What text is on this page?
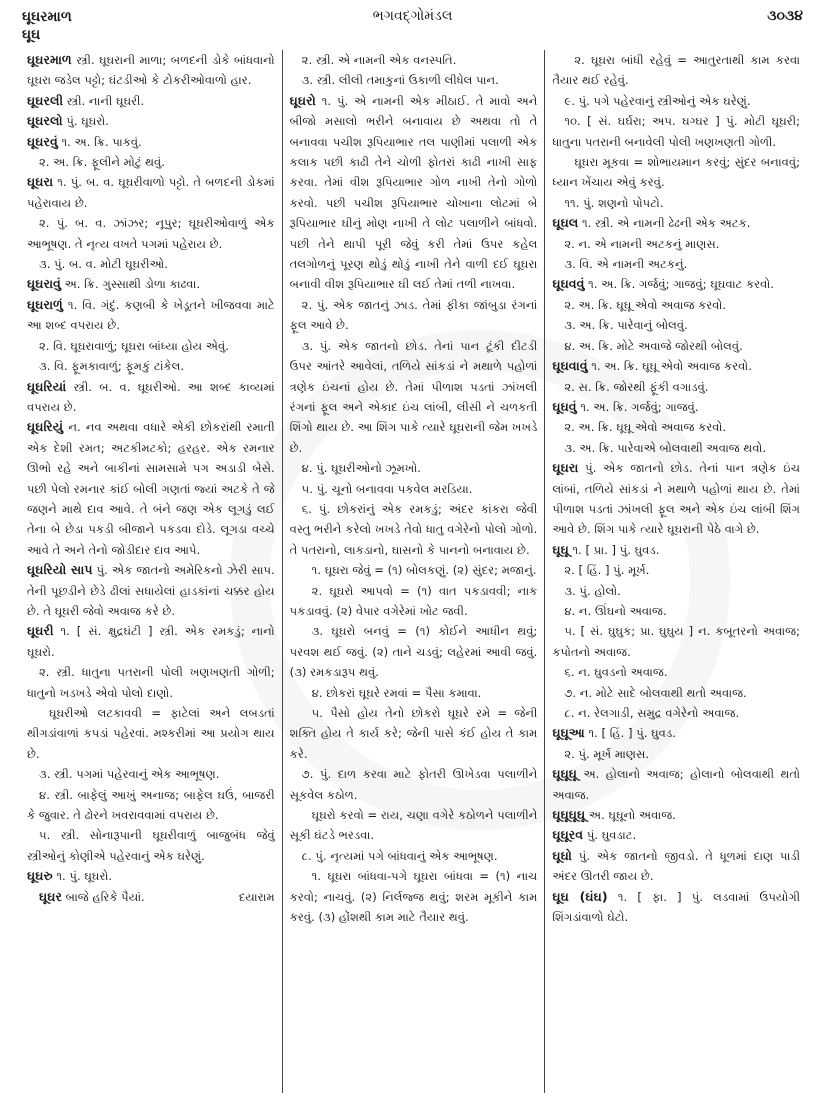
ઘૂઘરમાળ
ઘૂઘ
ભગવદ્ગોમંડલ	૩૦૩૪

ઘૂઘરમાળ સ્ત્રી. ઘૂઘરાની માળા; બળદની ડોકે બાંધવાનો ઘૂઘરા જડેલ પટ્ટો; ઘંટડીઓ કે ટોકરીઓવાળો હાર.

ઘૂઘરલી સ્ત્રી. નાની ઘૂઘરી.

ઘૂઘરલો પું. ઘૂઘરો.

ઘૂઘરવું ૧. અ. ક્રિ. પાકવું.

૨. અ. ક્રિ. ફૂલીને મોટું થવું.

ઘૂઘરા ૧. પું. બ. વ. ઘૂઘરીવાળો પટ્ટો. તે બળદની ડોકમાં પહેરાવાય છે.

૨. પું. બ. વ. ઝાંઝર; નૂપુર; ઘૂઘરીઓવાળું એક આભૂષણ. તે નૃત્ય વખતે પગમાં પહેરાય છે.

૩. પું. બ. વ. મોટી ઘૂઘરીઓ.

ઘૂઘરાવું અ. ક્રિ. ગુસ્સાથી ડોળા કાઢવા.

ઘૂઘરાળું ૧. વિ. ગંદું. કણબી કે ખેડૂતને ખીજવવા માટે આ શબ્દ વપરાય છે.

૨. વિ. ઘૂઘરાવાળું; ઘૂઘરા બાંધ્યા હોય એવું.

૩. વિ. ફૂમકાવાળું; ફૂમકું ટાંકેલ.

ઘૂઘરિયાં સ્ત્રી. બ. વ. ઘૂઘરીઓ. આ શબ્દ કાવ્યમાં વપરાય છે.

ઘૂઘરિયું ન. નવ અથવા વધારે એકી છોકરાંથી રમાતી એક દેશી રમત; અટકીમટકો; હરહર. એક રમનાર ઊભો રહે અને બાકીનાં સામસામે પગ અડાડી બેસે. પછી પેલો રમનાર કાંઈ બોલી ગણતાં જ્યાં અટકે તે જે જણને માથે દાવ આવે. તે બંને જણ એક લૂગડું લઈ તેના બે છેડા પકડી બીજાને પકડવા દોડે. લૂગડા વચ્ચે આવે તે અને તેનો જોડીદાર દાવ આપે.

ઘૂઘરિયો સાપ પું. એક જાતનો અમેરિકનો ઝેરી સાપ. તેની પૂછડીને છેડે ઢીલાં સધાયેલાં હાડકાંનાં ચક્કર હોય છે. તે ઘૂઘરી જેવો અવાજ કરે છે.

ઘૂઘરી ૧. [ સં. ક્ષુદ્રઘંટી ] સ્ત્રી. એક રમકડું; નાનો ઘૂઘરો.

૨. સ્ત્રી. ધાતુના પતરાની પોલી ખણખણતી ગોળી; ધાતુનો ખડખડે એવો પોલો દાણો.

ઘૂઘરીઓ લટકાવવી = ફાટેલાં અને લબડતાં થીગડાંવાળાં કપડાં પહેરવાં. મશ્કરીમાં આ પ્રયોગ થાય છે.

૩. સ્ત્રી. પગમાં પહેરવાનું એક આભૂષણ.

૪. સ્ત્રી. બાફેલું આખું અનાજ; બાફેલ ઘઉં, બાજરી કે જુવાર. તે ઢોરને ખવરાવવામાં વપરાય છે.

૫. સ્ત્રી. સોનારૂપાની ઘૂઘરીવાળું બાજુબંધ જેવું સ્ત્રીઓનું કોણીએ પહેરવાનું એક ઘરેણું.

ઘૂઘરુ ૧. પું. ઘૂઘરો.

ઘૂઘર બાજે હરિકે પૈયાં.	દયારામ

૨. સ્ત્રી. એ નામની એક વનસ્પતિ.

૩. સ્ત્રી. લીલી તમાકુનાં ઉકાળી લીધેલ પાન.

ઘૂઘરો ૧. પું. એ નામની એક મીઠાઈ. તે માવો અને બીજો મસાલો ભરીને બનાવાય છે અથવા તો તે બનાવવા પચીશ રૂપિયાભાર તલ પાણીમાં પલાળી એક કલાક પછી કાઢી તેને ચોળી ફોતરાં કાઢી નાખી સાફ કરવા. તેમાં વીશ રૂપિયાભાર ગોળ નાખી તેનો ગોળો કરવો. પછી પચીશ રૂપિયાભાર ચોખાના લોટમાં બે રૂપિયાભાર ઘીનું મોણ નાખી તે લોટ પલાળીને બાંધવો. પછી તેને થાપી પૂરી જેવું કરી તેમાં ઉપર કહેલ તલગોળનું પૂરણ થોડું થોડું નાખી તેને વાળી દઈ ઘૂઘરા બનાવી વીશ રૂપિયાભાર ઘી લઈ તેમાં તળી નાખવા.

૨. પું. એક જાતનું ઝાડ. તેમાં ફીકા જાંબુડા રંગનાં ફૂલ આવે છે.

૩. પું. એક જાતનો છોડ. તેનાં પાન ટૂંકી દીટડી ઉપર આંતરે આવેલાં, તળિયે સાંકડાં ને મથાળે પહોળાં ત્રણેક ઇંચનાં હોય છે. તેમાં પીળાશ પડતાં ઝાંખલી રંગનાં ફૂલ અને એકાદ ઇંચ લાંબી, લીસી ને ચળકતી શિંગો થાય છે. આ શિંગ પાકે ત્યારે ઘૂઘરાની જેમ ખખડે છે.

૪. પું. ઘૂઘરીઓનો ઝૂમખો.

૫. પું. ચૂનો બનાવવા પકવેલ મરડિયા.

૬. પું. છોકરાંનું એક રમકડું; અંદર કાંકરા જેવી વસ્તુ ભરીને કરેલો ખખડે તેવો ધાતુ વગેરેનો પોલો ગોળો. તે પતરાનો, લાકડાનો, ઘાસનો કે પાનનો બનાવાય છે.

૧. ઘૂઘરા જેવું = (૧) બોલકણું. (૨) સુંદર; મજાનું.

૨. ઘૂઘરો આપવો = (૧) વાત પકડાવવી; નાક પકડાવવું. (૨) વેપાર વગેરેમાં ખોટ જવી.

૩. ઘૂઘરો બનવું = (૧) કોઈને આધીન થવું; પરવશ થઈ જવું. (૨) તાને ચડવું; લહેરમાં આવી જવું. (૩) રમકડારૂપ થવું.

૪. છોકરાં ઘૂઘરે રમવાં = પૈસા કમાવા.

૫. પૈસો હોય તેનો છોકરો ઘૂઘરે રમે = જેની શક્તિ હોય તે કાર્ય કરે; જેની પાસે કંઈ હોય તે કામ કરે.

૭. પું. દાળ કરવા માટે ફોતરી ઊખેડવા પલાળીને સૂકવેલ કઠોળ.

ઘૂઘરો કરવો = રાય, ચણા વગેરે કઠોળને પલાળીને સૂકી ઘંટડે ભરડવા.

૮. પું. નૃત્યમાં પગે બાંધવાનું એક આભૂષણ.

૧. ઘૂઘરા બાંધવા-પગે ઘૂઘરા બાંધવા = (૧) નાચ કરવો; નાચવું. (૨) નિર્લજ્જ થવું; શરમ મૂકીને કામ કરવું. (૩) હોંશથી કામ માટે તૈયાર થવું.

૨. ઘૂઘરા બાંધી રહેવું = આતુરતાથી કામ કરવા તૈયાર થઈ રહેવું.

૯. પું. પગે પહેરવાનું સ્ત્રીઓનું એક ઘરેણું.

૧૦. [ સં. ઘર્ઘરા; અપ. ઘગ્ઘર ] પું. મોટી ઘૂઘરી; ધાતુના પતરાની બનાવેલી પોલી ખણખણતી ગોળી.

ઘૂઘરા મૂકવા = શોભાયમાન કરવું; સુંદર બનાવવું; ધ્યાન ખેંચાય એવું કરવું.

૧૧. પું. શણનો પોપટો.

ઘૂઘલ ૧. સ્ત્રી. એ નામની ઢેઢની એક અટક.

૨. ન. એ નામની અટકનું માણસ.

૩. વિ. એ નામની અટકનું.

ઘૂઘવવું ૧. અ. ક્રિ. ગર્જવું; ગાજવું; ઘૂઘવાટ કરવો.

૨. અ. ક્રિ. ઘૂઘૂ એવો અવાજ કરવો.

૩. અ. ક્રિ. પારેવાનું બોલવું.

૪. અ. ક્રિ. મોટે અવાજે જોરથી બોલવું.

ઘૂઘવાવું ૧. અ. ક્રિ. ઘૂઘૂ એવો અવાજ કરવો.

૨. સ. ક્રિ. જોરથી ફૂંકી વગાડવું.

ઘૂઘવું ૧. અ. ક્રિ. ગર્જવું; ગાજવું.

૨. અ. ક્રિ. ઘૂઘૂ એવો અવાજ કરવો.

૩. અ. ક્રિ. પારેવાએ બોલવાથી અવાજ થવો.

ઘૂઘરા પું. એક જાતનો છોડ. તેનાં પાન ત્રણેક ઇંચ લાંબાં, તળિયે સાંકડાં ને મથાળે પહોળાં થાય છે. તેમાં પીળાશ પડતાં ઝાંખલી ફૂલ અને એક ઇંચ લાંબી શિંગ આવે છે. શિંગ પાકે ત્યારે ઘૂઘરાની પેઠે વાગે છે.

ઘૂઘૂ ૧. [ પ્રા. ] પું. ઘુવડ.

૨. [ હિં. ] પું. મૂર્ખ.

૩. પું. હોલો.

૪. ન. ઊંઘનો અવાજ.

૫. [ સં. ઘુઘુક; પ્રા. ઘુઘુય ] ન. કબૂતરનો અવાજ; કપોતનો અવાજ.

૬. ન. ઘુવડનો અવાજ.

૭. ન. મોટે સાદે બોલવાથી થતો અવાજ.

૮. ન. રેલગાડી, સમુદ્ર વગેરેનો અવાજ.

ઘૂઘૂઆ ૧. [ હિં. ] પું. ઘુવડ.

૨. પું. મૂર્ખ માણસ.

ઘૂઘૂઘૂ અ. હોલાનો અવાજ; હોલાનો બોલવાથી થતો અવાજ.

ઘૂઘૂઘૂઘૂ અ. ઘૂઘૂનો અવાજ.

ઘૂઘૂરવ પું. ઘુવડાટ.

ઘૂઘો પું. એક જાતનો જીવડો. તે ધૂળમાં દાણ પાડી અંદર ઊતરી જાય છે.

ઘૂઘ (ઘંઘ) ૧. [ ફા. ] પું. લડવામાં ઉપયોગી શિંગડાંવાળો ઘેટો.
